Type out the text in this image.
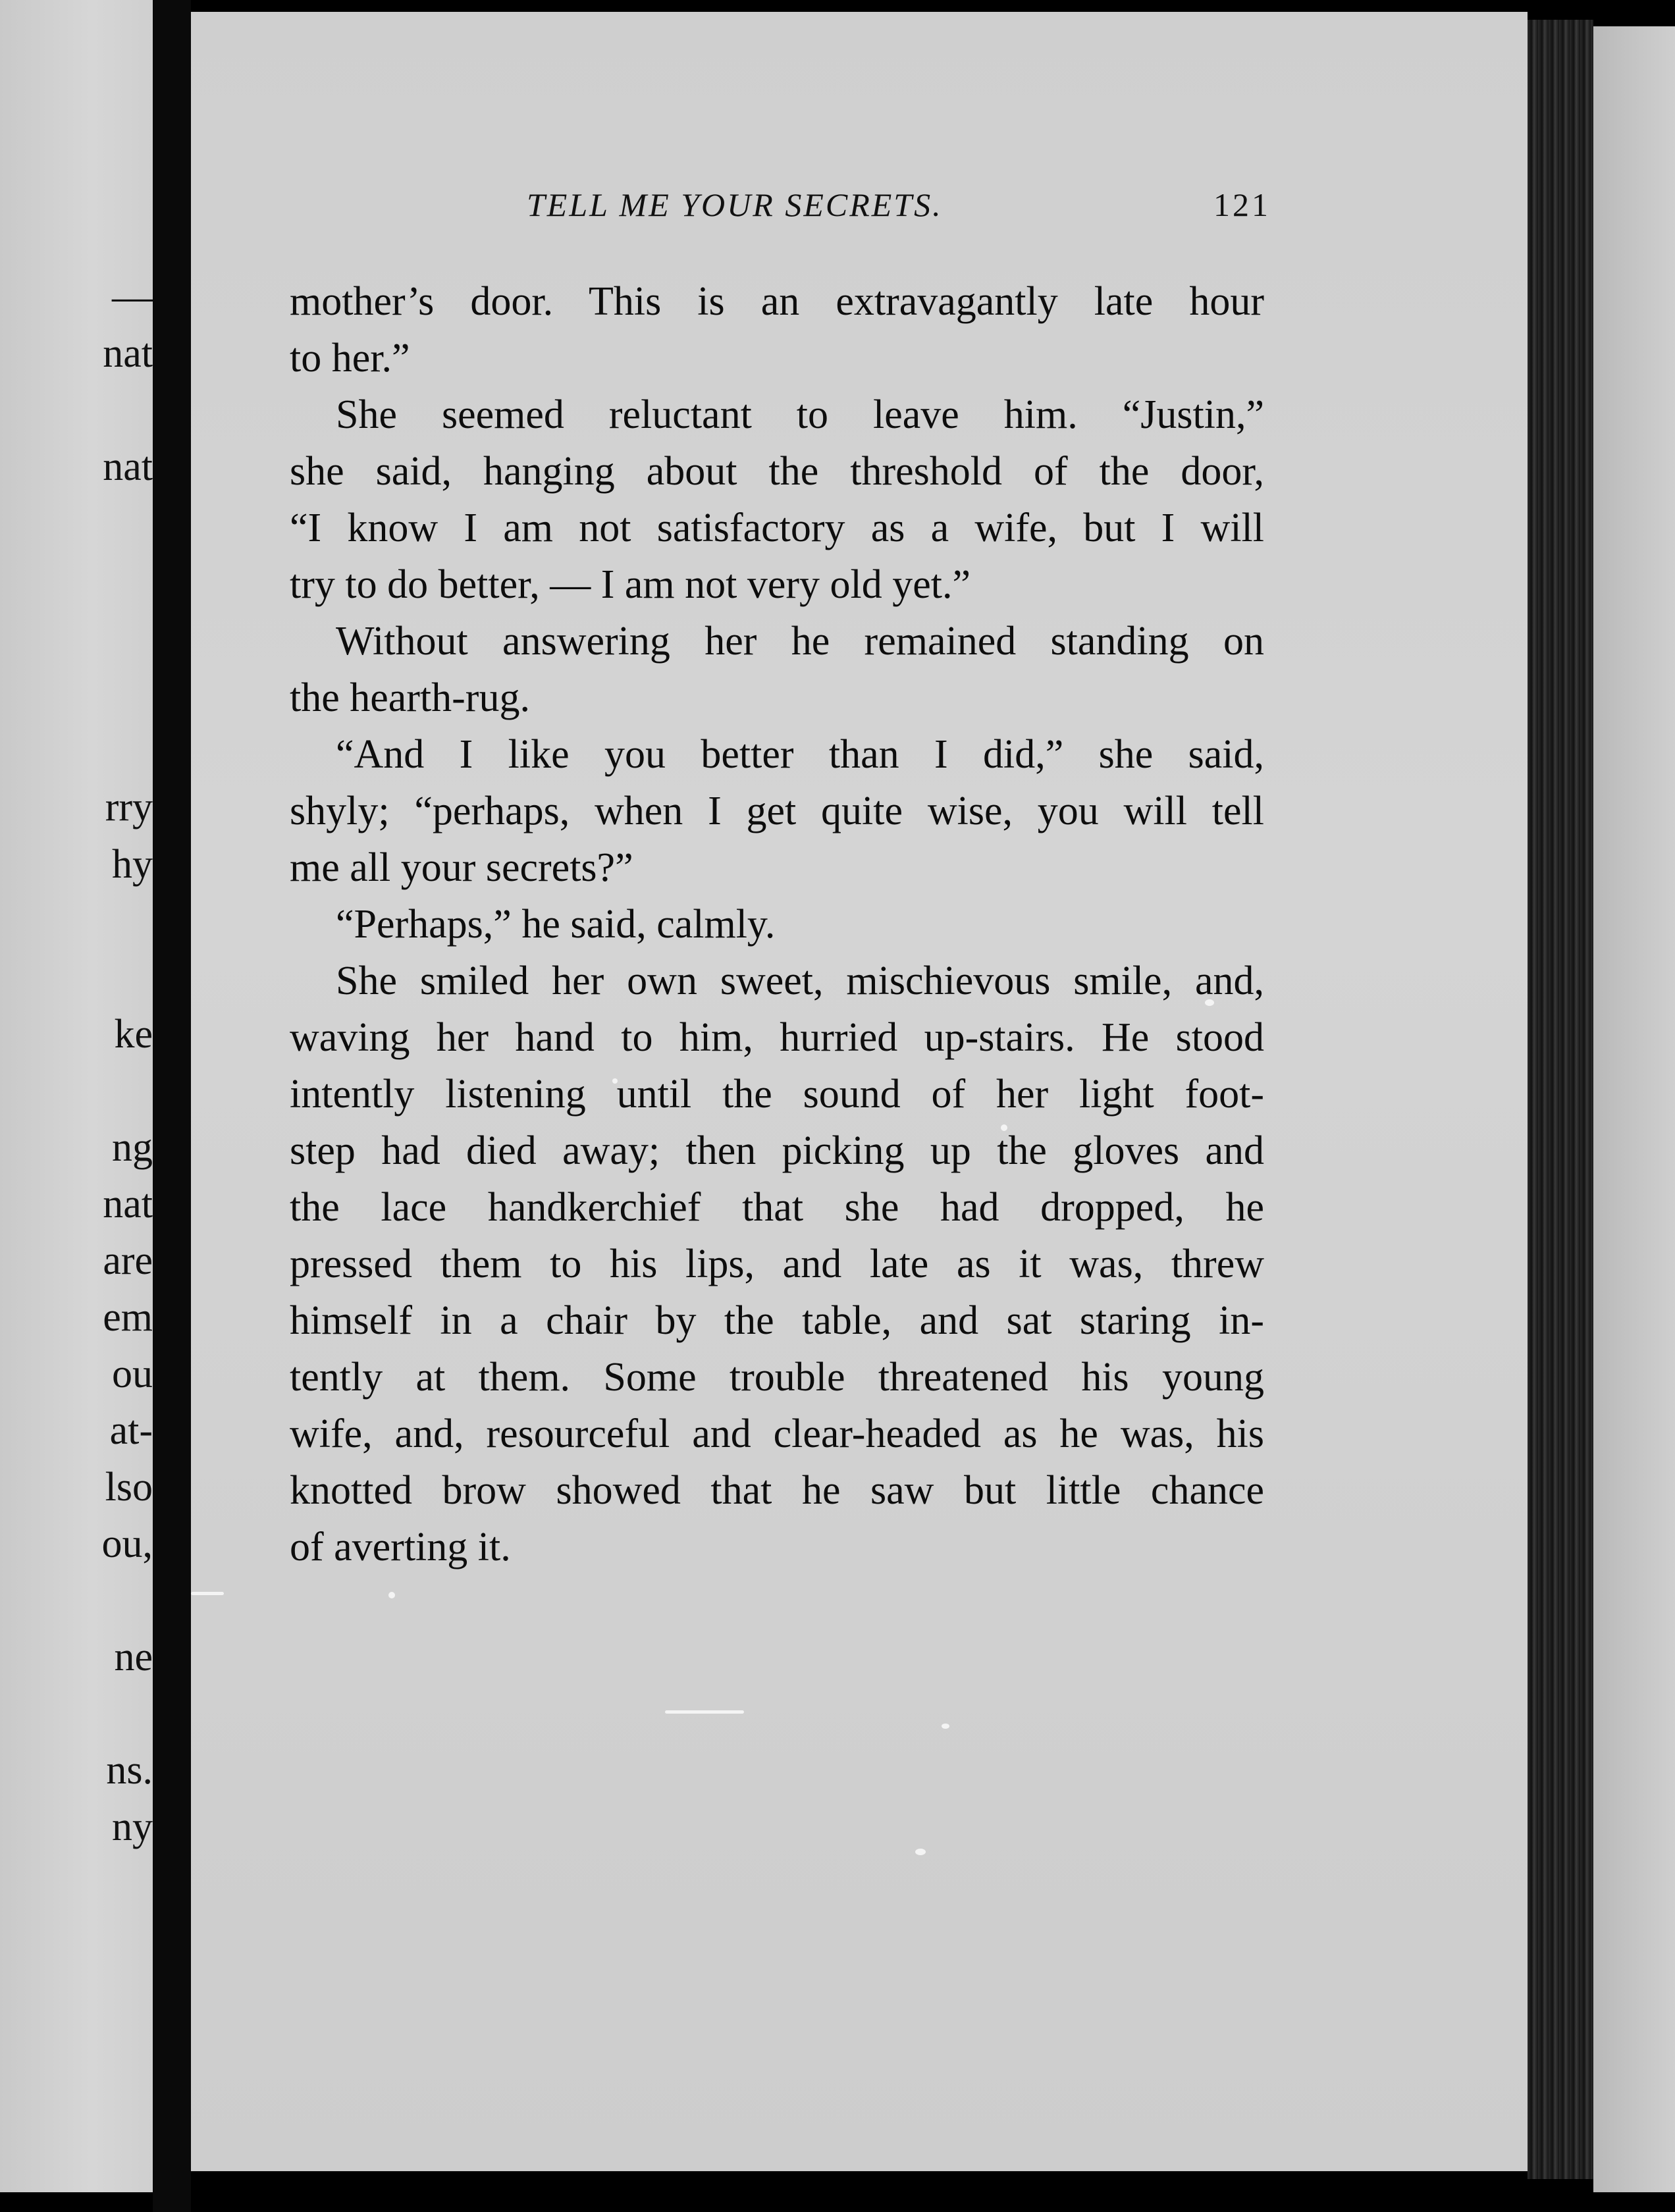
—
nat
nat
rry
hy
ke
ng
nat
are
em
ou
at-
lso
ou,
ne
ns.
ny
TELL ME YOUR SECRETS.	121
mother’s door. This is an extravagantly late hour
to her.”
She seemed reluctant to leave him. “Justin,”
she said, hanging about the threshold of the door,
“I know I am not satisfactory as a wife, but I will
try to do better, — I am not very old yet.”
Without answering her he remained standing on
the hearth-rug.
“And I like you better than I did,” she said,
shyly; “perhaps, when I get quite wise, you will tell
me all your secrets?”
“Perhaps,” he said, calmly.
She smiled her own sweet, mischievous smile, and,
waving her hand to him, hurried up-stairs. He stood
intently listening until the sound of her light foot-
step had died away; then picking up the gloves and
the lace handkerchief that she had dropped, he
pressed them to his lips, and late as it was, threw
himself in a chair by the table, and sat staring in-
tently at them. Some trouble threatened his young
wife, and, resourceful and clear-headed as he was, his
knotted brow showed that he saw but little chance
of averting it.
